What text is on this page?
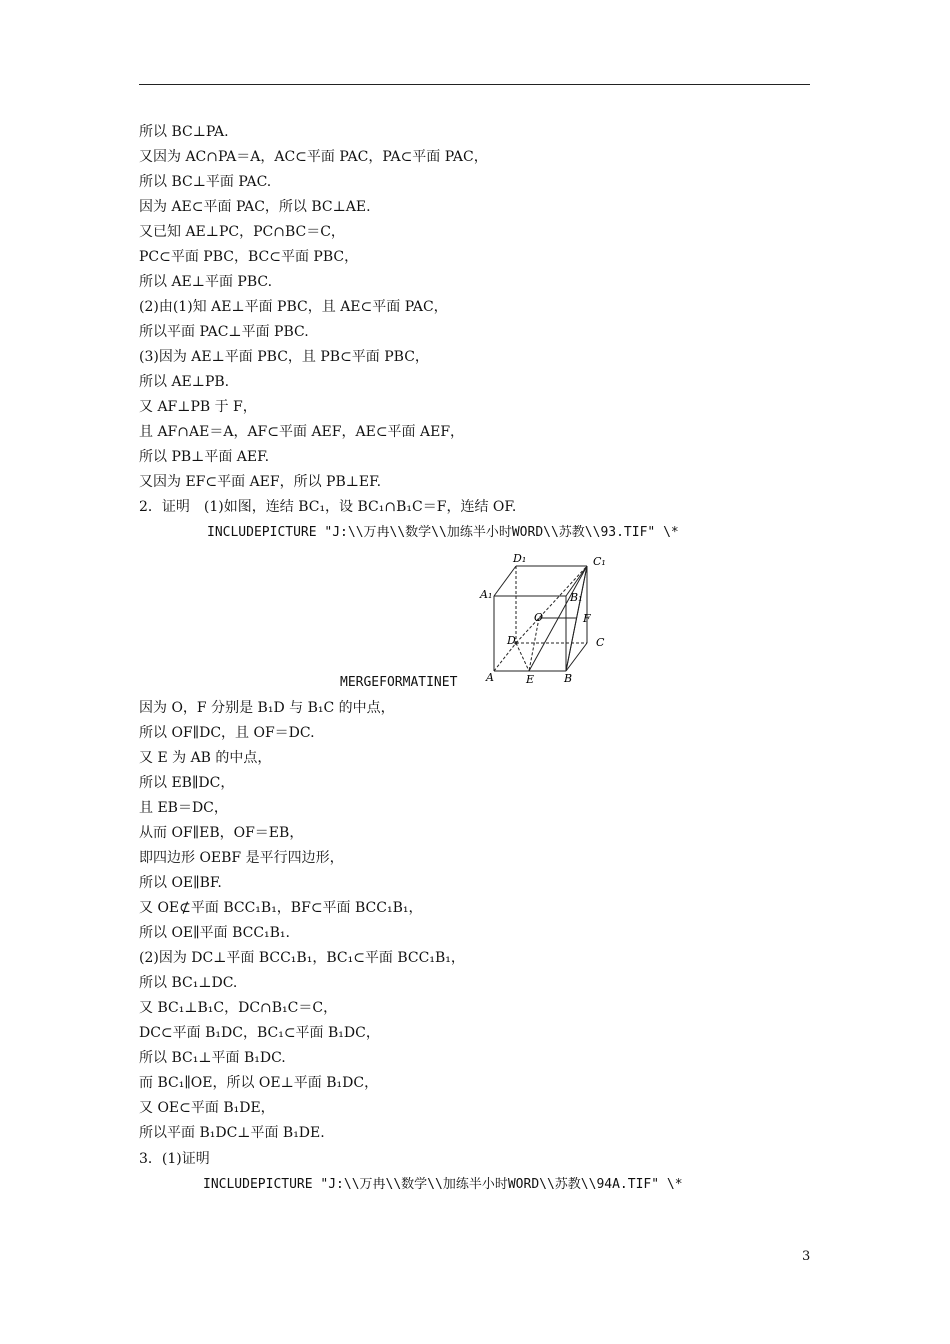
所以 BC⊥PA.
又因为 AC∩PA＝A，AC⊂平面 PAC，PA⊂平面 PAC，
所以 BC⊥平面 PAC.
因为 AE⊂平面 PAC，所以 BC⊥AE.
又已知 AE⊥PC，PC∩BC＝C，
PC⊂平面 PBC，BC⊂平面 PBC，
所以 AE⊥平面 PBC.
(2)由(1)知 AE⊥平面 PBC，且 AE⊂平面 PAC，
所以平面 PAC⊥平面 PBC.
(3)因为 AE⊥平面 PBC，且 PB⊂平面 PBC，
所以 AE⊥PB.
又 AF⊥PB 于 F，
且 AF∩AE＝A，AF⊂平面 AEF，AE⊂平面 AEF，
所以 PB⊥平面 AEF.
又因为 EF⊂平面 AEF，所以 PB⊥EF.
2．证明　(1)如图，连结 BC₁，设 BC₁∩B₁C＝F，连结 OF.
INCLUDEPICTURE "J:\\万冉\\数学\\加练半小时WORD\\苏教\\93.TIF" \*
D₁	C₁
A₁	B₁
O	F
D	C
A	E	B
MERGEFORMATINET
因为 O，F 分别是 B₁D 与 B₁C 的中点，
所以 OF∥DC，且 OF＝DC.
又 E 为 AB 的中点，
所以 EB∥DC，
且 EB＝DC，
从而 OF∥EB，OF＝EB，
即四边形 OEBF 是平行四边形，
所以 OE∥BF.
又 OE⊄平面 BCC₁B₁，BF⊂平面 BCC₁B₁，
所以 OE∥平面 BCC₁B₁.
(2)因为 DC⊥平面 BCC₁B₁，BC₁⊂平面 BCC₁B₁，
所以 BC₁⊥DC.
又 BC₁⊥B₁C，DC∩B₁C＝C，
DC⊂平面 B₁DC，BC₁⊂平面 B₁DC，
所以 BC₁⊥平面 B₁DC.
而 BC₁∥OE，所以 OE⊥平面 B₁DC，
又 OE⊂平面 B₁DE，
所以平面 B₁DC⊥平面 B₁DE.
3．(1)证明
INCLUDEPICTURE "J:\\万冉\\数学\\加练半小时WORD\\苏教\\94A.TIF" \*
3
